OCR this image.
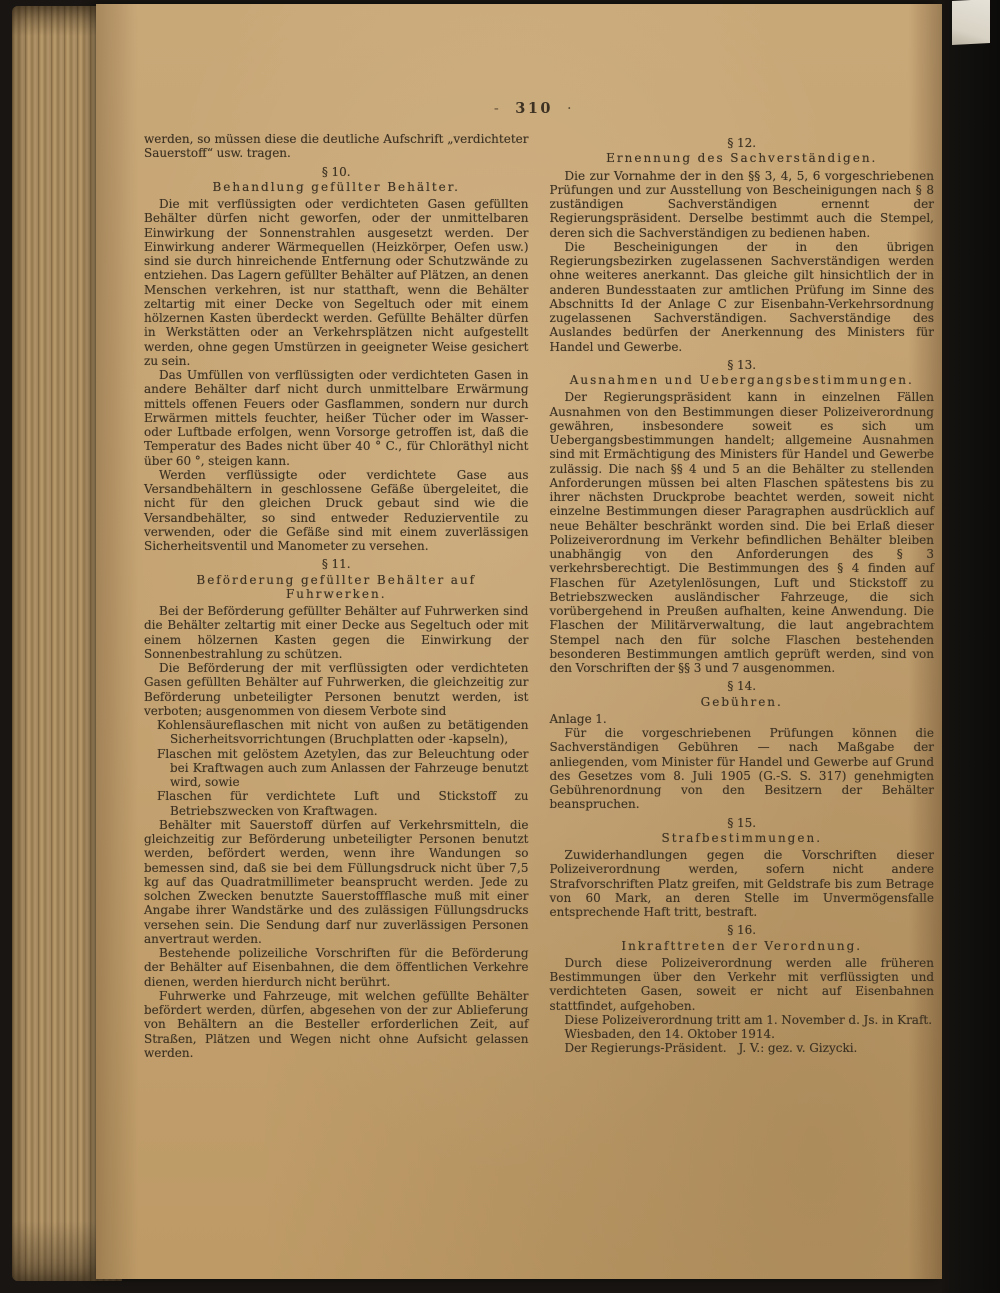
- 310 ·
werden, so müssen diese die deutliche Aufschrift „verdichteter Sauerstoff“ usw. tragen.
§ 10.
Behandlung gefüllter Behälter.
Die mit verflüssigten oder verdichteten Gasen gefüllten Behälter dürfen nicht geworfen, oder der unmittelbaren Einwirkung der Sonnenstrahlen ausgesetzt werden. Der Einwirkung anderer Wärmequellen (Heizkörper, Oefen usw.) sind sie durch hinreichende Entfernung oder Schutzwände zu entziehen. Das Lagern gefüllter Behälter auf Plätzen, an denen Menschen verkehren, ist nur statthaft, wenn die Behälter zeltartig mit einer Decke von Segeltuch oder mit einem hölzernen Kasten überdeckt werden. Gefüllte Behälter dürfen in Werkstätten oder an Verkehrsplätzen nicht aufgestellt werden, ohne gegen Umstürzen in geeigneter Weise gesichert zu sein.
Das Umfüllen von verflüssigten oder verdichteten Gasen in andere Behälter darf nicht durch unmittelbare Erwärmung mittels offenen Feuers oder Gasflammen, sondern nur durch Erwärmen mittels feuchter, heißer Tücher oder im Wasser- oder Luftbade erfolgen, wenn Vorsorge getroffen ist, daß die Temperatur des Bades nicht über 40 ° C., für Chloräthyl nicht über 60 °, steigen kann.
Werden verflüssigte oder verdichtete Gase aus Versandbehältern in geschlossene Gefäße übergeleitet, die nicht für den gleichen Druck gebaut sind wie die Versandbehälter, so sind entweder Reduzierventile zu verwenden, oder die Gefäße sind mit einem zuverlässigen Sicherheitsventil und Manometer zu versehen.
§ 11.
Beförderung gefüllter Behälter auf Fuhrwerken.
Bei der Beförderung gefüllter Behälter auf Fuhrwerken sind die Behälter zeltartig mit einer Decke aus Segeltuch oder mit einem hölzernen Kasten gegen die Einwirkung der Sonnenbestrahlung zu schützen.
Die Beförderung der mit verflüssigten oder verdichteten Gasen gefüllten Behälter auf Fuhrwerken, die gleichzeitig zur Beförderung unbeteiligter Personen benutzt werden, ist verboten; ausgenommen von diesem Verbote sind
Kohlensäureflaschen mit nicht von außen zu betätigenden Sicherheitsvorrichtungen (Bruchplatten oder -kapseln),
Flaschen mit gelöstem Azetylen, das zur Beleuchtung oder bei Kraftwagen auch zum Anlassen der Fahrzeuge benutzt wird, sowie
Flaschen für verdichtete Luft und Stickstoff zu Betriebszwecken von Kraftwagen.
Behälter mit Sauerstoff dürfen auf Verkehrsmitteln, die gleichzeitig zur Beförderung unbeteiligter Personen benutzt werden, befördert werden, wenn ihre Wandungen so bemessen sind, daß sie bei dem Füllungsdruck nicht über 7,5 kg auf das Quadratmillimeter beansprucht werden. Jede zu solchen Zwecken benutzte Sauerstoffflasche muß mit einer Angabe ihrer Wandstärke und des zulässigen Füllungsdrucks versehen sein. Die Sendung darf nur zuverlässigen Personen anvertraut werden.
Bestehende polizeiliche Vorschriften für die Beförderung der Behälter auf Eisenbahnen, die dem öffentlichen Verkehre dienen, werden hierdurch nicht berührt.
Fuhrwerke und Fahrzeuge, mit welchen gefüllte Behälter befördert werden, dürfen, abgesehen von der zur Ablieferung von Behältern an die Besteller erforderlichen Zeit, auf Straßen, Plätzen und Wegen nicht ohne Aufsicht gelassen werden.
§ 12.
Ernennung des Sachverständigen.
Die zur Vornahme der in den §§ 3, 4, 5, 6 vorgeschriebenen Prüfungen und zur Ausstellung von Bescheinigungen nach § 8 zuständigen Sachverständigen ernennt der Regierungspräsident. Derselbe bestimmt auch die Stempel, deren sich die Sachverständigen zu bedienen haben.
Die Bescheinigungen der in den übrigen Regierungsbezirken zugelassenen Sachverständigen werden ohne weiteres anerkannt. Das gleiche gilt hinsichtlich der in anderen Bundesstaaten zur amtlichen Prüfung im Sinne des Abschnitts Id der Anlage C zur Eisenbahn-Verkehrsordnung zugelassenen Sachverständigen. Sachverständige des Auslandes bedürfen der Anerkennung des Ministers für Handel und Gewerbe.
§ 13.
Ausnahmen und Uebergangsbestimmungen.
Der Regierungspräsident kann in einzelnen Fällen Ausnahmen von den Bestimmungen dieser Polizeiverordnung gewähren, insbesondere soweit es sich um Uebergangsbestimmungen handelt; allgemeine Ausnahmen sind mit Ermächtigung des Ministers für Handel und Gewerbe zulässig. Die nach §§ 4 und 5 an die Behälter zu stellenden Anforderungen müssen bei alten Flaschen spätestens bis zu ihrer nächsten Druckprobe beachtet werden, soweit nicht einzelne Bestimmungen dieser Paragraphen ausdrücklich auf neue Behälter beschränkt worden sind. Die bei Erlaß dieser Polizeiverordnung im Verkehr befindlichen Behälter bleiben unabhängig von den Anforderungen des § 3 verkehrsberechtigt. Die Bestimmungen des § 4 finden auf Flaschen für Azetylenlösungen, Luft und Stickstoff zu Betriebszwecken ausländischer Fahrzeuge, die sich vorübergehend in Preußen aufhalten, keine Anwendung. Die Flaschen der Militärverwaltung, die laut angebrachtem Stempel nach den für solche Flaschen bestehenden besonderen Bestimmungen amtlich geprüft werden, sind von den Vorschriften der §§ 3 und 7 ausgenommen.
§ 14.
Gebühren.
Anlage 1.
Für die vorgeschriebenen Prüfungen können die Sachverständigen Gebühren — nach Maßgabe der anliegenden, vom Minister für Handel und Gewerbe auf Grund des Gesetzes vom 8. Juli 1905 (G.-S. S. 317) genehmigten Gebührenordnung von den Besitzern der Behälter beanspruchen.
§ 15.
Strafbestimmungen.
Zuwiderhandlungen gegen die Vorschriften dieser Polizeiverordnung werden, sofern nicht andere Strafvorschriften Platz greifen, mit Geldstrafe bis zum Betrage von 60 Mark, an deren Stelle im Unvermögensfalle entsprechende Haft tritt, bestraft.
§ 16.
Inkrafttreten der Verordnung.
Durch diese Polizeiverordnung werden alle früheren Bestimmungen über den Verkehr mit verflüssigten und verdichteten Gasen, soweit er nicht auf Eisenbahnen stattfindet, aufgehoben.
Diese Polizeiverordnung tritt am 1. November d. Js. in Kraft.
Wiesbaden, den 14. Oktober 1914.
Der Regierungs-Präsident. J. V.: gez. v. Gizycki.
